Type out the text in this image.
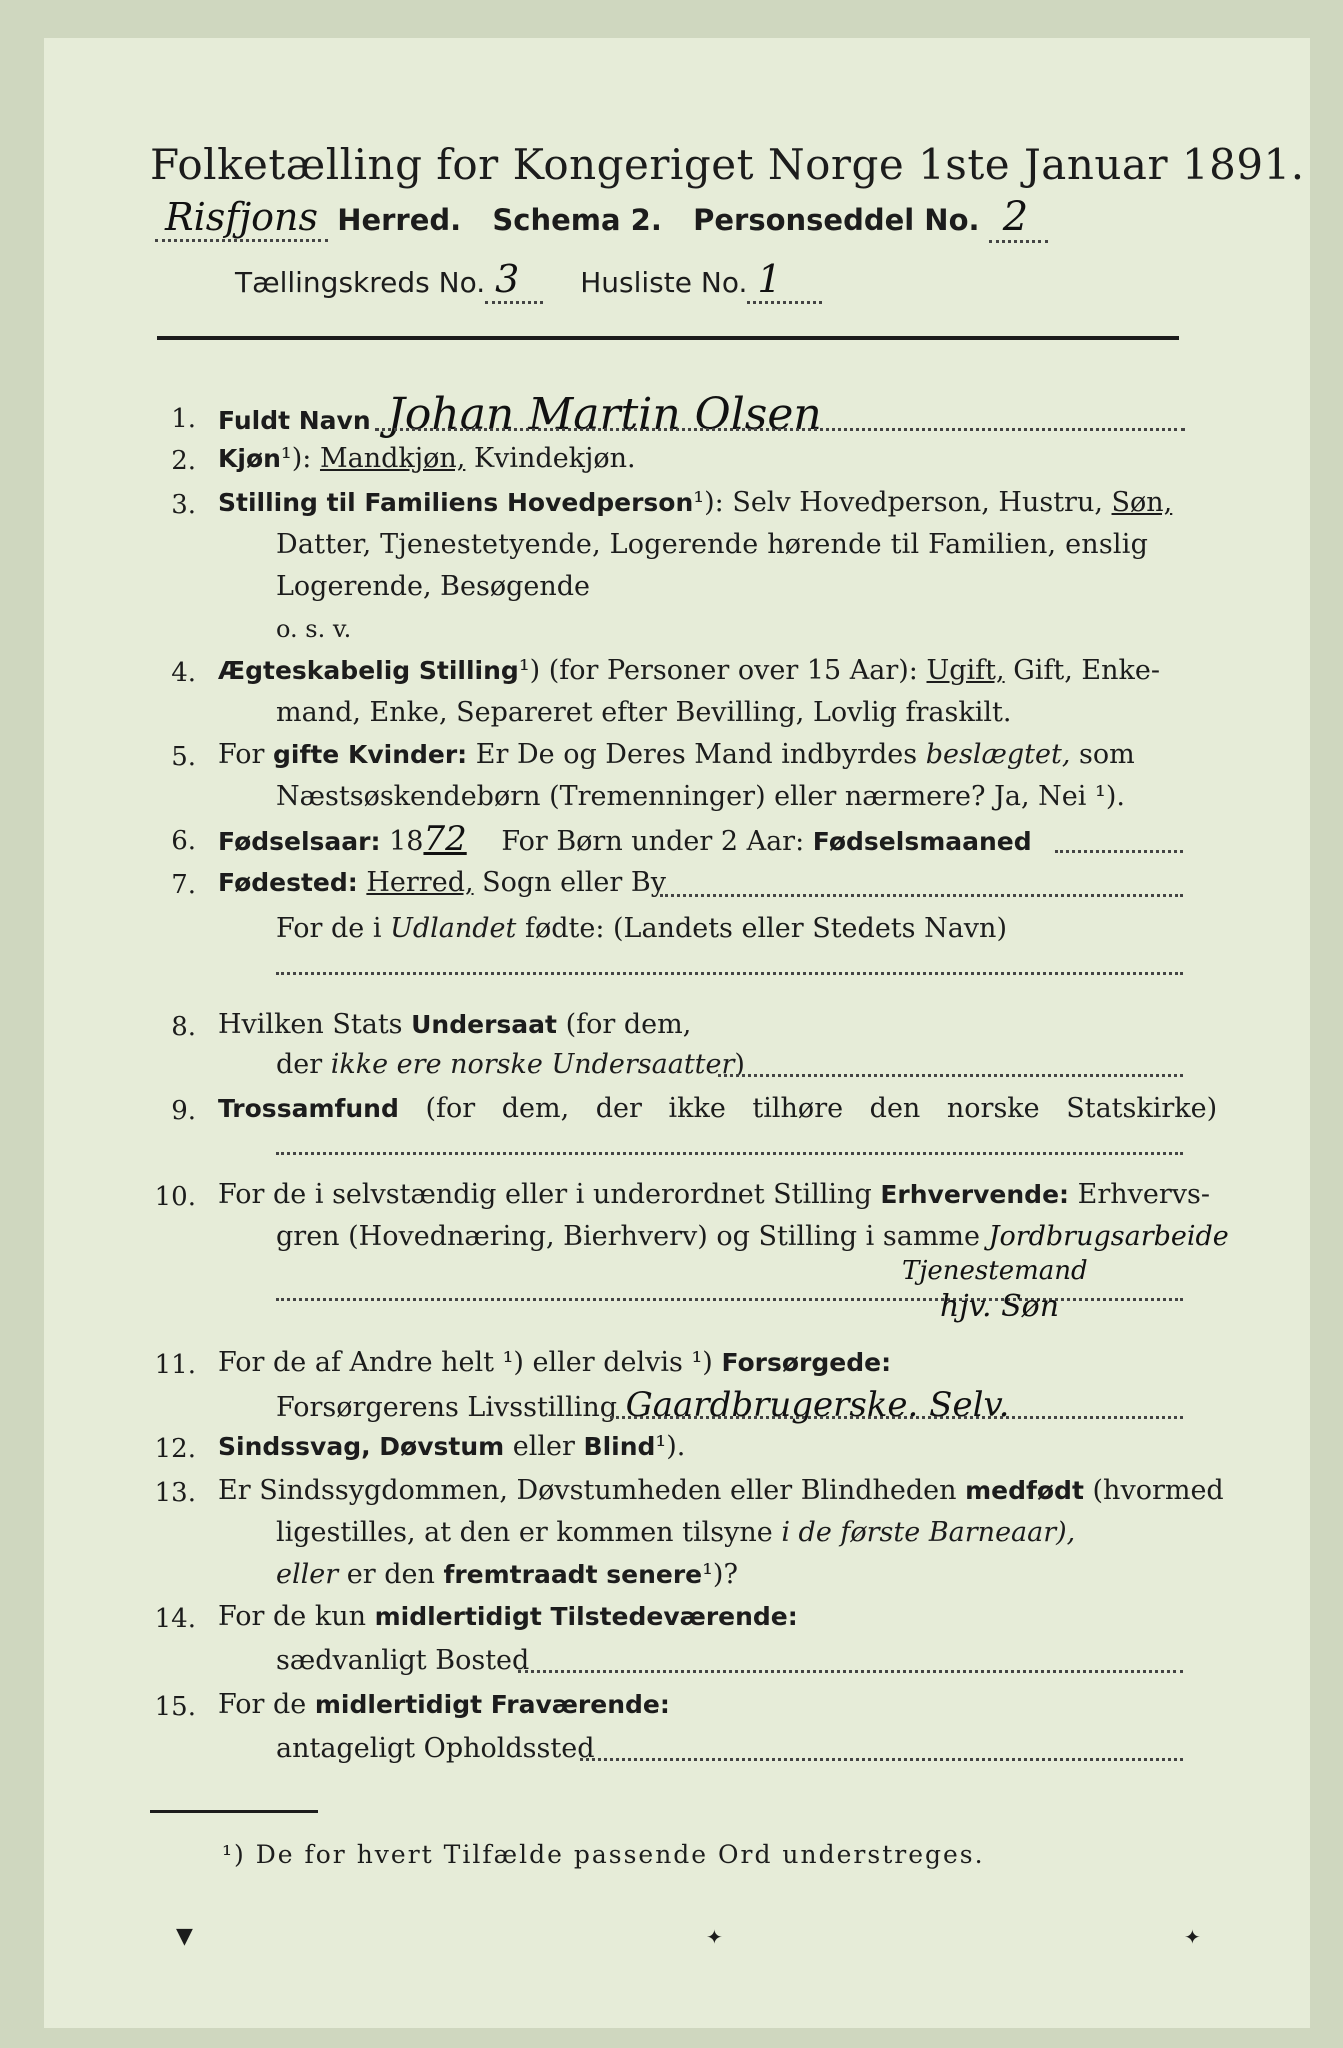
Folketælling for Kongeriget Norge 1ste Januar 1891.
Risfjons Herred. Schema 2. Personseddel No. 2
Tællingskreds No. 3 Husliste No. 1
1. Fuldt Navn Johan Martin Olsen
2. Kjøn¹): Mandkjøn, Kvindekjøn.
3. Stilling til Familiens Hovedperson¹): Selv Hovedperson, Hustru, Søn,
Datter, Tjenestetyende, Logerende hørende til Familien, enslig
Logerende, Besøgende
o. s. v.
4. Ægteskabelig Stilling¹) (for Personer over 15 Aar): Ugift, Gift, Enke-
mand, Enke, Separeret efter Bevilling, Lovlig fraskilt.
5. For gifte Kvinder: Er De og Deres Mand indbyrdes beslægtet, som
Næstsøskendebørn (Tremenninger) eller nærmere? Ja, Nei ¹).
6. Fødselsaar: 1872 For Børn under 2 Aar: Fødselsmaaned
7. Fødested: Herred, Sogn eller By
For de i Udlandet fødte: (Landets eller Stedets Navn)
8. Hvilken Stats Undersaat (for dem,
der ikke ere norske Undersaatter)
9. Trossamfund (for dem, der ikke tilhøre den norske Statskirke)
10. For de i selvstændig eller i underordnet Stilling Erhvervende: Erhvervs-
gren (Hovednæring, Bierhverv) og Stilling i samme Jordbrugsarbeide
Tjenestemand
hjv. Søn
11. For de af Andre helt ¹) eller delvis ¹) Forsørgede:
Forsørgerens Livsstilling Gaardbrugerske. Selv.
12. Sindssvag, Døvstum eller Blind¹).
13. Er Sindssygdommen, Døvstumheden eller Blindheden medfødt (hvormed
ligestilles, at den er kommen tilsyne i de første Barneaar),
eller er den fremtraadt senere¹)?
14. For de kun midlertidigt Tilstedeværende:
sædvanligt Bosted
15. For de midlertidigt Fraværende:
antageligt Opholdssted
¹) De for hvert Tilfælde passende Ord understreges.
▼	✦	✦
